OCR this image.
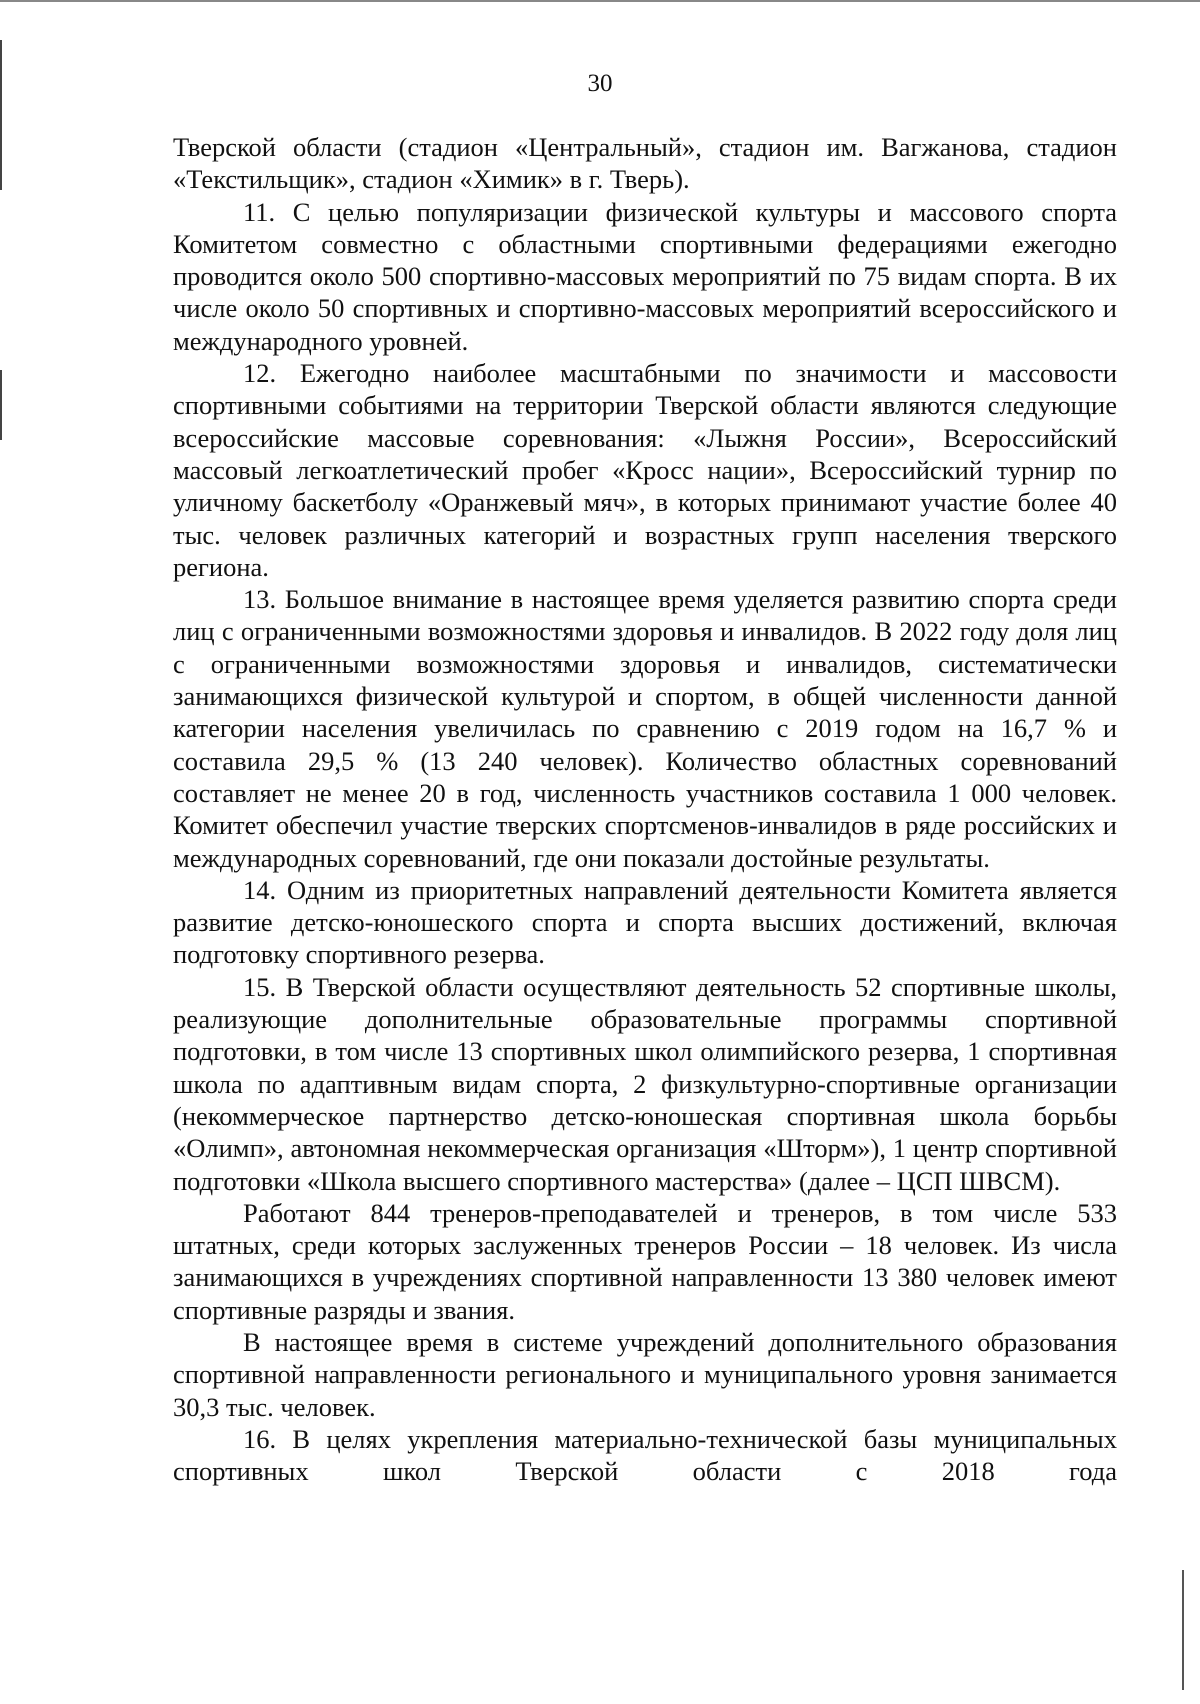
30

Тверской области (стадион «Центральный», стадион им. Вагжанова, стадион «Текстильщик», стадион «Химик» в г. Тверь).

11. С целью популяризации физической культуры и массового спорта Комитетом совместно с областными спортивными федерациями ежегодно проводится около 500 спортивно-массовых мероприятий по 75 видам спорта. В их числе около 50 спортивных и спортивно-массовых мероприятий всероссийского и международного уровней.

12. Ежегодно наиболее масштабными по значимости и массовости спортивными событиями на территории Тверской области являются следующие всероссийские массовые соревнования: «Лыжня России», Всероссийский массовый легкоатлетический пробег «Кросс нации», Всероссийский турнир по уличному баскетболу «Оранжевый мяч», в которых принимают участие более 40 тыс. человек различных категорий и возрастных групп населения тверского региона.

13. Большое внимание в настоящее время уделяется развитию спорта среди лиц с ограниченными возможностями здоровья и инвалидов. В 2022 году доля лиц с ограниченными возможностями здоровья и инвалидов, систематически занимающихся физической культурой и спортом, в общей численности данной категории населения увеличилась по сравнению с 2019 годом на 16,7 % и составила 29,5 % (13 240 человек). Количество областных соревнований составляет не менее 20 в год, численность участников составила 1 000 человек. Комитет обеспечил участие тверских спортсменов-инвалидов в ряде российских и международных соревнований, где они показали достойные результаты.

14. Одним из приоритетных направлений деятельности Комитета является развитие детско-юношеского спорта и спорта высших достижений, включая подготовку спортивного резерва.

15. В Тверской области осуществляют деятельность 52 спортивные школы, реализующие дополнительные образовательные программы спортивной подготовки, в том числе 13 спортивных школ олимпийского резерва, 1 спортивная школа по адаптивным видам спорта, 2 физкультурно-спортивные организации (некоммерческое партнерство детско-юношеская спортивная школа борьбы «Олимп», автономная некоммерческая организация «Шторм»), 1 центр спортивной подготовки «Школа высшего спортивного мастерства» (далее – ЦСП ШВСМ).

Работают 844 тренеров-преподавателей и тренеров, в том числе 533 штатных, среди которых заслуженных тренеров России – 18 человек. Из числа занимающихся в учреждениях спортивной направленности 13 380 человек имеют спортивные разряды и звания.

В настоящее время в системе учреждений дополнительного образования спортивной направленности регионального и муниципального уровня занимается 30,3 тыс. человек.

16. В целях укрепления материально-технической базы муниципальных спортивных школ Тверской области с 2018 года
